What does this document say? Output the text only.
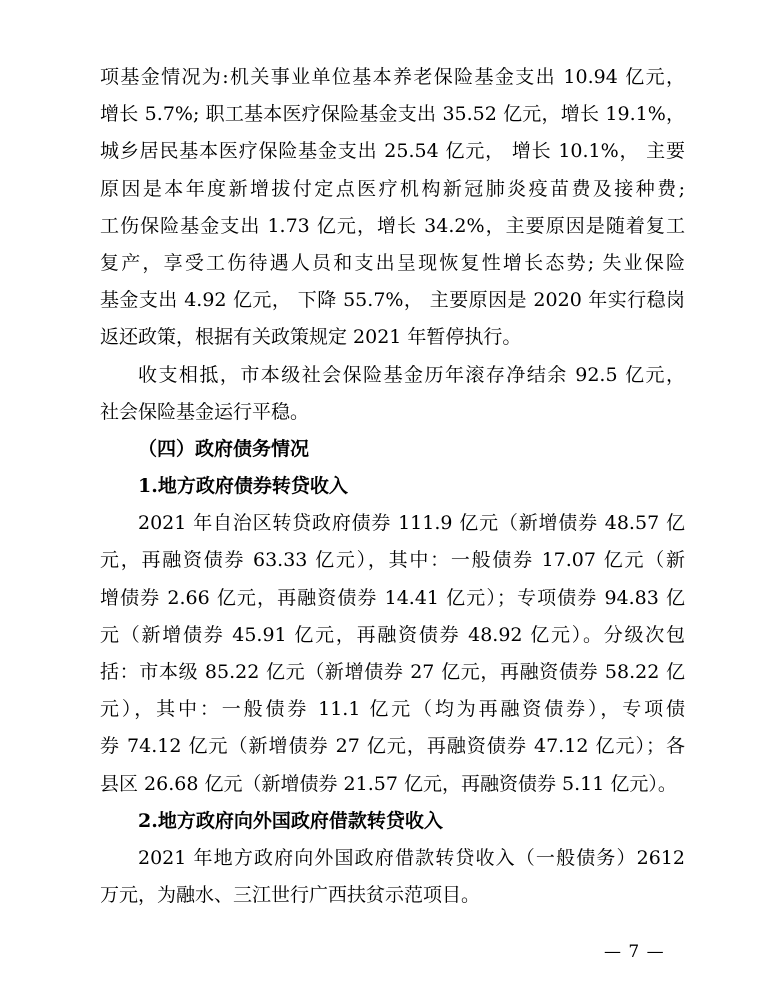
项基金情况为:机关事业单位基本养老保险基金支出 10.94 亿元，
增长 5.7%; 职工基本医疗保险基金支出 35.52 亿元，增长 19.1%，
城乡居民基本医疗保险基金支出 25.54 亿元， 增长 10.1%， 主要
原因是本年度新增拔付定点医疗机构新冠肺炎疫苗费及接种费;
工伤保险基金支出 1.73 亿元，增长 34.2%，主要原因是随着复工
复产，享受工伤待遇人员和支出呈现恢复性增长态势; 失业保险
基金支出 4.92 亿元， 下降 55.7%， 主要原因是 2020 年实行稳岗
返还政策，根据有关政策规定 2021 年暂停执行。
收支相抵，市本级社会保险基金历年滚存净结余 92.5 亿元，
社会保险基金运行平稳。
（四）政府债务情况
1.地方政府债券转贷收入
2021 年自治区转贷政府债券 111.9 亿元（新增债券 48.57 亿
元，再融资债券 63.33 亿元），其中：一般债券 17.07 亿元（新
增债券 2.66 亿元，再融资债券 14.41 亿元）；专项债券 94.83 亿
元（新增债券 45.91 亿元，再融资债券 48.92 亿元）。分级次包
括：市本级 85.22 亿元（新增债券 27 亿元，再融资债券 58.22 亿
元），其中：一般债券 11.1 亿元（均为再融资债券），专项债
券 74.12 亿元（新增债券 27 亿元，再融资债券 47.12 亿元）；各
县区 26.68 亿元（新增债券 21.57 亿元，再融资债券 5.11 亿元）。
2.地方政府向外国政府借款转贷收入
2021 年地方政府向外国政府借款转贷收入（一般债务）2612
万元，为融水、三江世行广西扶贫示范项目。
— 7 —
